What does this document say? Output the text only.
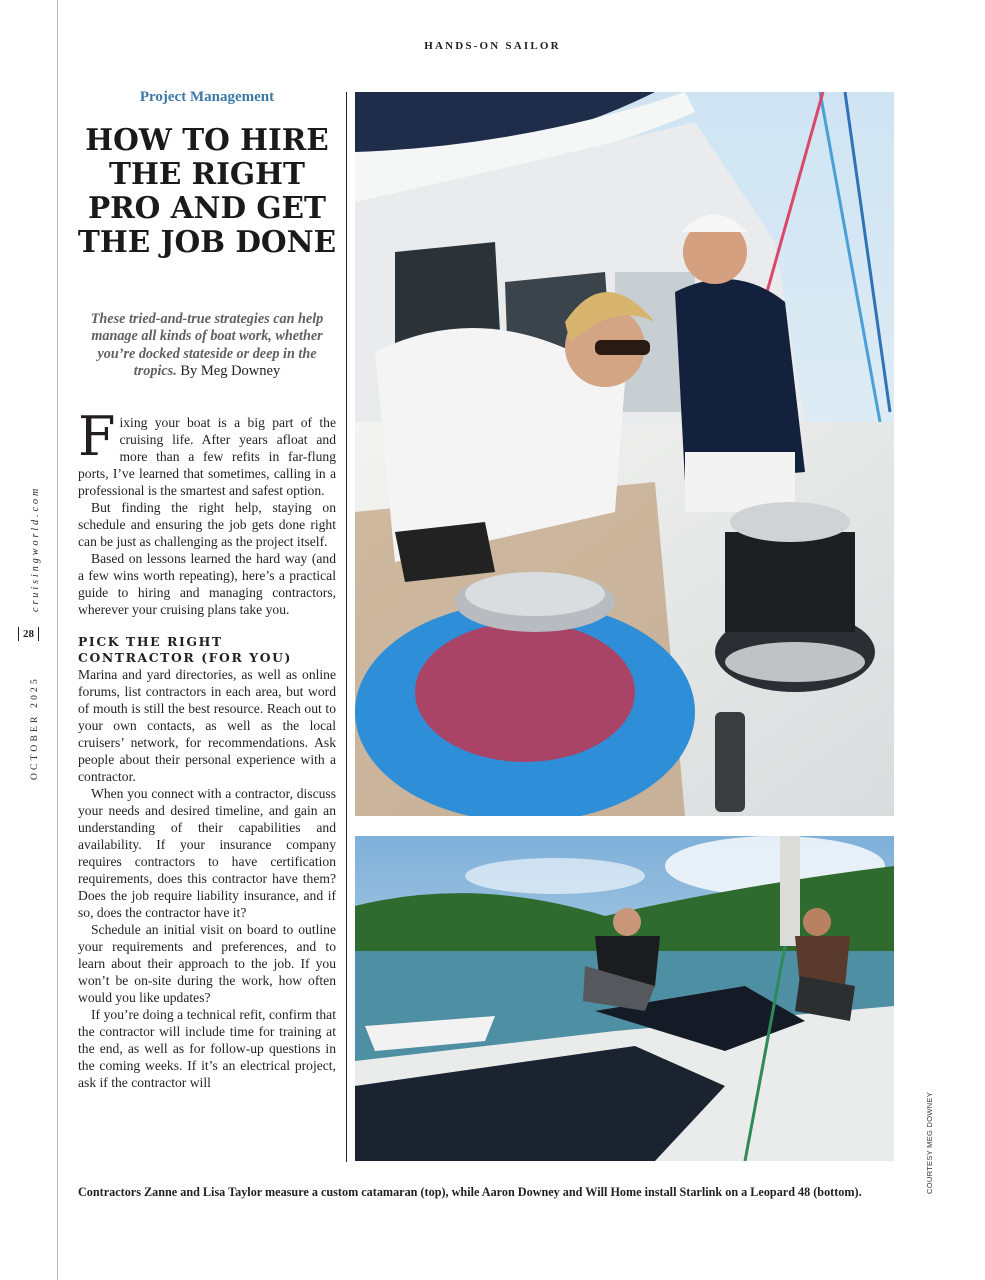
HANDS-ON SAILOR
cruisingworld.com
28
OCTOBER 2025
Project Management
HOW TO HIRE THE RIGHT PRO AND GET THE JOB DONE

These tried-and-true strategies can help manage all kinds of boat work, whether you’re docked stateside or deep in the tropics. By Meg Downey

Fixing your boat is a big part of the cruising life. After years afloat and more than a few refits in far-flung ports, I’ve learned that sometimes, calling in a professional is the smartest and safest option.

But finding the right help, staying on schedule and ensuring the job gets done right can be just as challenging as the project itself.

Based on lessons learned the hard way (and a few wins worth repeating), here’s a practical guide to hiring and managing contractors, wherever your cruising plans take you.

PICK THE RIGHT CONTRACTOR (FOR YOU)

Marina and yard directories, as well as online forums, list contractors in each area, but word of mouth is still the best resource. Reach out to your own contacts, as well as the local cruisers’ network, for recommendations. Ask people about their personal experience with a contractor.

When you connect with a contractor, discuss your needs and desired timeline, and gain an understanding of their capabilities and availability. If your insurance company requires contractors to have certification requirements, does this contractor have them? Does the job require liability insurance, and if so, does the contractor have it?

Schedule an initial visit on board to outline your requirements and preferences, and to learn about their approach to the job. If you won’t be on-site during the work, how often would you like updates?

If you’re doing a technical refit, confirm that the contractor will include time for training at the end, as well as for follow-up questions in the coming weeks. If it’s an electrical project, ask if the contractor will

COURTESY MEG DOWNEY
Contractors Zanne and Lisa Taylor measure a custom catamaran (top), while Aaron Downey and Will Home install Starlink on a Leopard 48 (bottom).
